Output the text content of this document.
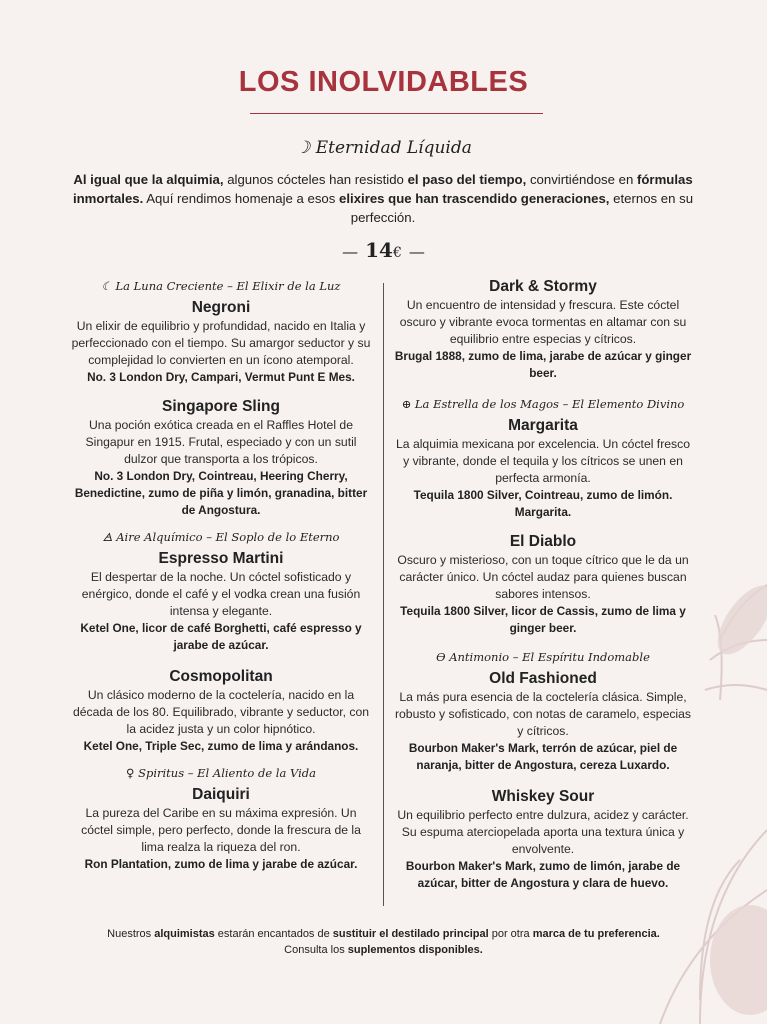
LOS INOLVIDABLES
☽ Eternidad Líquida
Al igual que la alquimia, algunos cócteles han resistido el paso del tiempo, convirtiéndose en fórmulas inmortales. Aquí rendimos homenaje a esos elixires que han trascendido generaciones, eternos en su perfección.
— 14€ —
☾ La Luna Creciente – El Elixir de la Luz
Negroni
Un elixir de equilibrio y profundidad, nacido en Italia y perfeccionado con el tiempo. Su amargor seductor y su complejidad lo convierten en un ícono atemporal.
No. 3 London Dry, Campari, Vermut Punt E Mes.
Singapore Sling
Una poción exótica creada en el Raffles Hotel de Singapur en 1915. Frutal, especiado y con un sutil dulzor que transporta a los trópicos.
No. 3 London Dry, Cointreau, Heering Cherry, Benedictine, zumo de piña y limón, granadina, bitter de Angostura.
🜁 Aire Alquímico – El Soplo de lo Eterno
Espresso Martini
El despertar de la noche. Un cóctel sofisticado y enérgico, donde el café y el vodka crean una fusión intensa y elegante.
Ketel One, licor de café Borghetti, café espresso y jarabe de azúcar.
Cosmopolitan
Un clásico moderno de la coctelería, nacido en la década de los 80. Equilibrado, vibrante y seductor, con la acidez justa y un color hipnótico.
Ketel One, Triple Sec, zumo de lima y arándanos.
♀ Spiritus – El Aliento de la Vida
Daiquiri
La pureza del Caribe en su máxima expresión. Un cóctel simple, pero perfecto, donde la frescura de la lima realza la riqueza del ron.
Ron Plantation, zumo de lima y jarabe de azúcar.
Dark & Stormy
Un encuentro de intensidad y frescura. Este cóctel oscuro y vibrante evoca tormentas en altamar con su equilibrio entre especias y cítricos.
Brugal 1888, zumo de lima, jarabe de azúcar y ginger beer.
⊕ La Estrella de los Magos – El Elemento Divino
Margarita
La alquimia mexicana por excelencia. Un cóctel fresco y vibrante, donde el tequila y los cítricos se unen en perfecta armonía.
Tequila 1800 Silver, Cointreau, zumo de limón. Margarita.
El Diablo
Oscuro y misterioso, con un toque cítrico que le da un carácter único. Un cóctel audaz para quienes buscan sabores intensos.
Tequila 1800 Silver, licor de Cassis, zumo de lima y ginger beer.
ϴ Antimonio – El Espíritu Indomable
Old Fashioned
La más pura esencia de la coctelería clásica. Simple, robusto y sofisticado, con notas de caramelo, especias y cítricos.
Bourbon Maker's Mark, terrón de azúcar, piel de naranja, bitter de Angostura, cereza Luxardo.
Whiskey Sour
Un equilibrio perfecto entre dulzura, acidez y carácter. Su espuma aterciopelada aporta una textura única y envolvente.
Bourbon Maker's Mark, zumo de limón, jarabe de azúcar, bitter de Angostura y clara de huevo.
Nuestros alquimistas estarán encantados de sustituir el destilado principal por otra marca de tu preferencia.
Consulta los suplementos disponibles.
